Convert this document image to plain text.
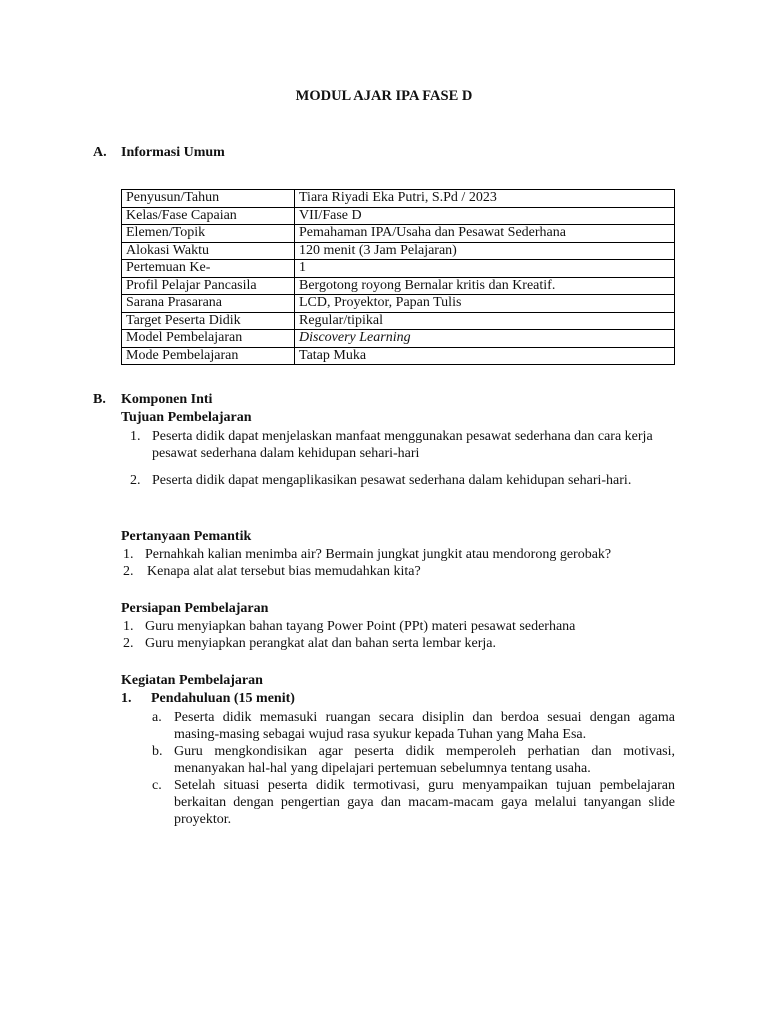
MODUL AJAR IPA FASE D
A. Informasi Umum
Penyusun/Tahun	Tiara Riyadi Eka Putri, S.Pd / 2023
Kelas/Fase Capaian	VII/Fase D
Elemen/Topik	Pemahaman IPA/Usaha dan Pesawat Sederhana
Alokasi Waktu	120 menit (3 Jam Pelajaran)
Pertemuan Ke-	1
Profil Pelajar Pancasila	Bergotong royong Bernalar kritis dan Kreatif.
Sarana Prasarana	LCD, Proyektor, Papan Tulis
Target Peserta Didik	Regular/tipikal
Model Pembelajaran	Discovery Learning
Mode Pembelajaran	Tatap Muka
B. Komponen Inti
Tujuan Pembelajaran

1. Peserta didik dapat menjelaskan manfaat menggunakan pesawat sederhana dan cara kerja pesawat sederhana dalam kehidupan sehari-hari

2. Peserta didik dapat mengaplikasikan pesawat sederhana dalam kehidupan sehari-hari.

Pertanyaan Pemantik

1. Pernahkah kalian menimba air? Bermain jungkat jungkit atau mendorong gerobak?

2. Kenapa alat alat tersebut bias memudahkan kita?

Persiapan Pembelajaran

1. Guru menyiapkan bahan tayang Power Point (PPt) materi pesawat sederhana

2. Guru menyiapkan perangkat alat dan bahan serta lembar kerja.

Kegiatan Pembelajaran
1. Pendahuluan (15 menit)

a. Peserta didik memasuki ruangan secara disiplin dan berdoa sesuai dengan agama masing-masing sebagai wujud rasa syukur kepada Tuhan yang Maha Esa.

b. Guru mengkondisikan agar peserta didik memperoleh perhatian dan motivasi, menanyakan hal-hal yang dipelajari pertemuan sebelumnya tentang usaha.

c. Setelah situasi peserta didik termotivasi, guru menyampaikan tujuan pembelajaran berkaitan dengan pengertian gaya dan macam-macam gaya melalui tanyangan slide proyektor.
